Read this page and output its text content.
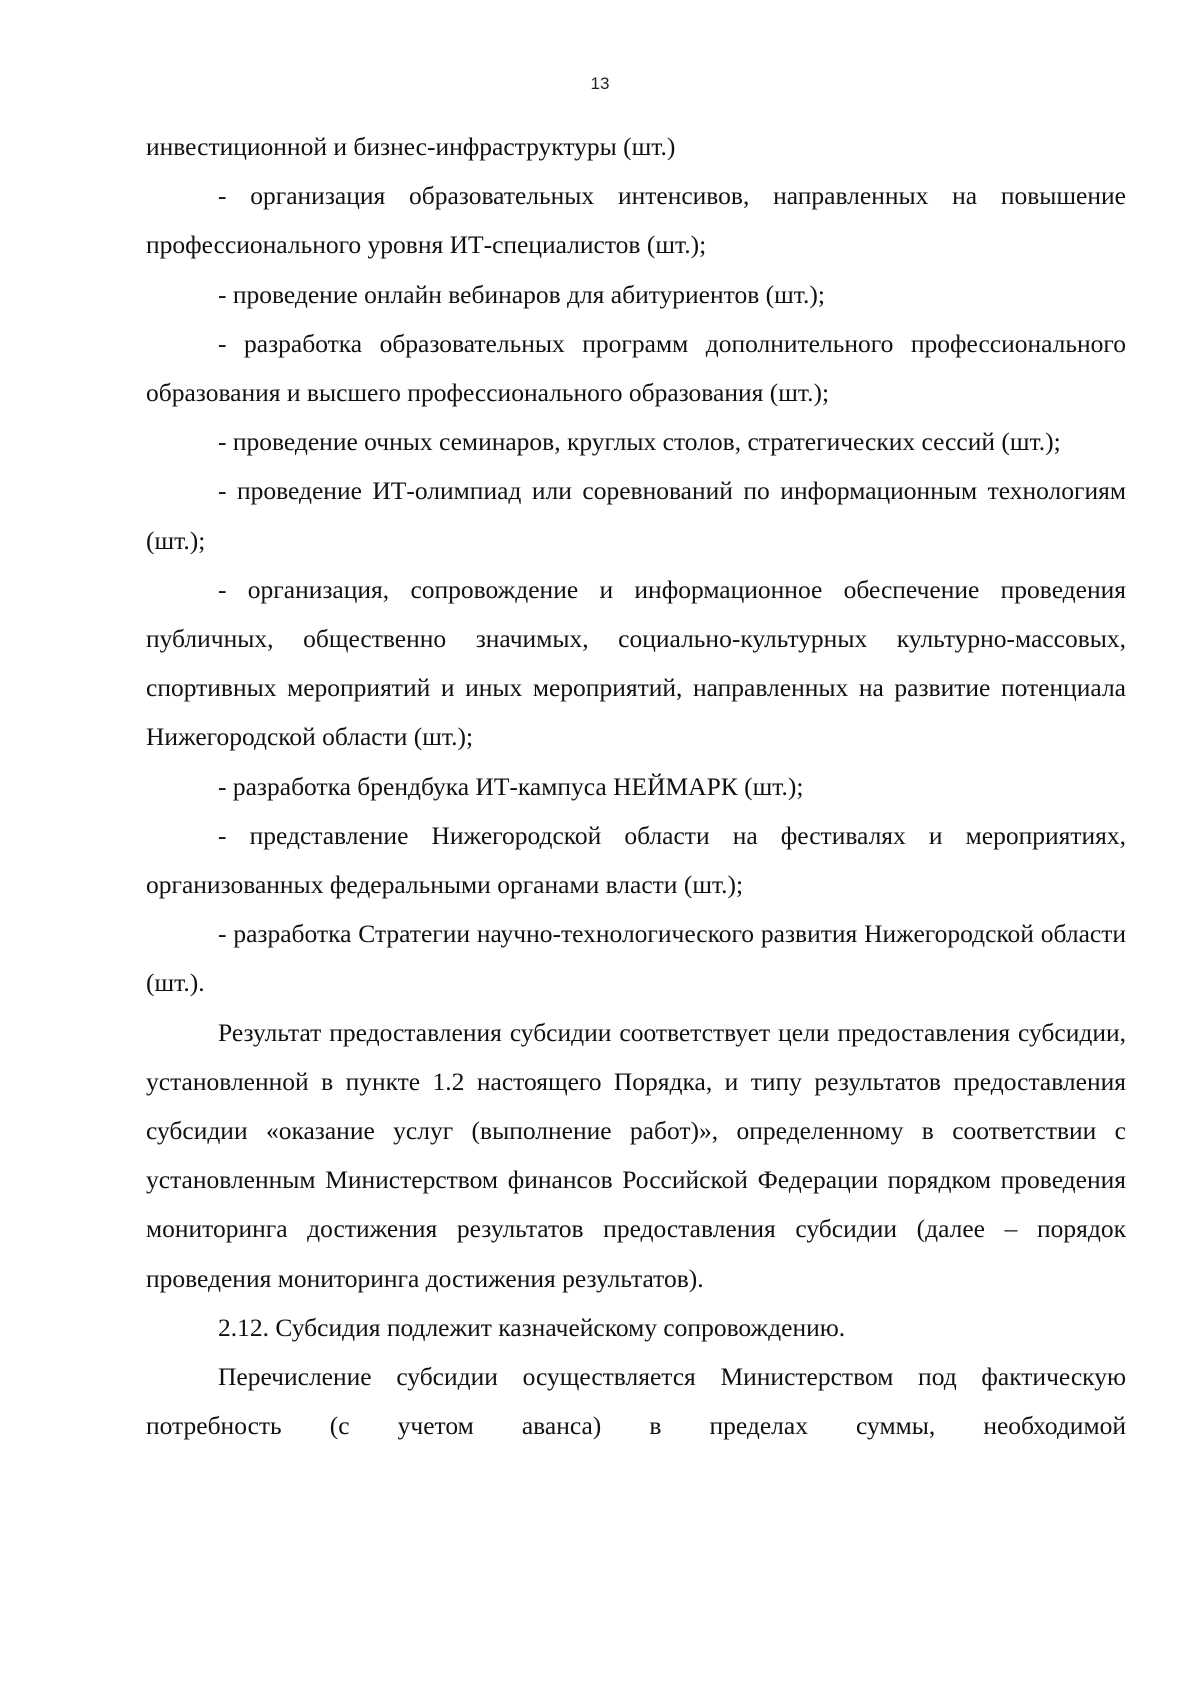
13

инвестиционной и бизнес-инфраструктуры (шт.)

- организация образовательных интенсивов, направленных на повышение профессионального уровня ИТ-специалистов (шт.);

- проведение онлайн вебинаров для абитуриентов (шт.);

- разработка образовательных программ дополнительного профессионального образования и высшего профессионального образования (шт.);

- проведение очных семинаров, круглых столов, стратегических сессий (шт.);

- проведение ИТ-олимпиад или соревнований по информационным технологиям (шт.);

- организация, сопровождение и информационное обеспечение проведения публичных, общественно значимых, социально-культурных культурно-массовых, спортивных мероприятий и иных мероприятий, направленных на развитие потенциала Нижегородской области (шт.);

- разработка брендбука ИТ-кампуса НЕЙМАРК (шт.);

- представление Нижегородской области на фестивалях и мероприятиях, организованных федеральными органами власти (шт.);

- разработка Стратегии научно-технологического развития Нижегородской области (шт.).

Результат предоставления субсидии соответствует цели предоставления субсидии, установленной в пункте 1.2 настоящего Порядка, и типу результатов предоставления субсидии «оказание услуг (выполнение работ)», определенному в соответствии с установленным Министерством финансов Российской Федерации порядком проведения мониторинга достижения результатов предоставления субсидии (далее – порядок проведения мониторинга достижения результатов).

2.12. Субсидия подлежит казначейскому сопровождению.

Перечисление субсидии осуществляется Министерством под фактическую потребность (с учетом аванса) в пределах суммы, необходимой
